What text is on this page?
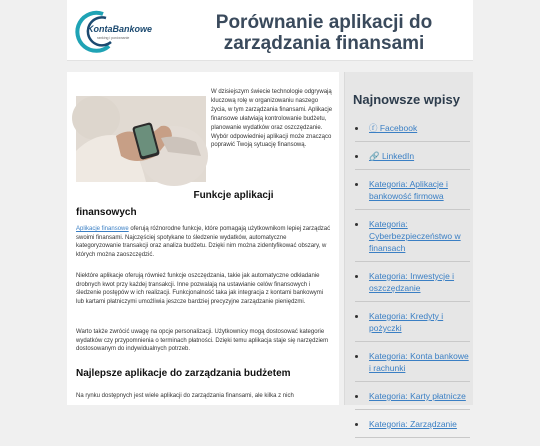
KontaBankowe
ranking i porównanie
Porównanie aplikacji do zarządzania finansami
W dzisiejszym świecie technologie odgrywają kluczową rolę w organizowaniu naszego życia, w tym zarządzania finansami. Aplikacje finansowe ułatwiają kontrolowanie budżetu, planowanie wydatków oraz oszczędzanie. Wybór odpowiedniej aplikacji może znacząco poprawić Twoją sytuację finansową.
Funkcje aplikacji
finansowych
Aplikacje finansowe oferują różnorodne funkcje, które pomagają użytkownikom lepiej zarządzać swoimi finansami. Najczęściej spotykane to śledzenie wydatków, automatyczne kategoryzowanie transakcji oraz analiza budżetu. Dzięki nim można zidentyfikować obszary, w których można zaoszczędzić.
Niektóre aplikacje oferują również funkcje oszczędzania, takie jak automatyczne odkładanie drobnych kwot przy każdej transakcji. Inne pozwalają na ustawianie celów finansowych i śledzenie postępów w ich realizacji. Funkcjonalność taka jak integracja z kontami bankowymi lub kartami płatniczymi umożliwia jeszcze bardziej precyzyjne zarządzanie pieniędzmi.
Warto także zwrócić uwagę na opcje personalizacji. Użytkownicy mogą dostosować kategorie wydatków czy przypomnienia o terminach płatności. Dzięki temu aplikacja staje się narzędziem dostosowanym do indywidualnych potrzeb.
Najlepsze aplikacje do zarządzania budżetem
Na rynku dostępnych jest wiele aplikacji do zarządzania finansami, ale kilka z nich
Najnowsze wpisy
ⓕ Facebook
🔗 LinkedIn
Kategoria: Aplikacje i bankowość firmowa
Kategoria: Cyberbezpieczeństwo w finansach
Kategoria: Inwestycje i oszczędzanie
Kategoria: Kredyty i pożyczki
Kategoria: Konta bankowe i rachunki
Kategoria: Karty płatnicze
Kategoria: Zarządzanie
